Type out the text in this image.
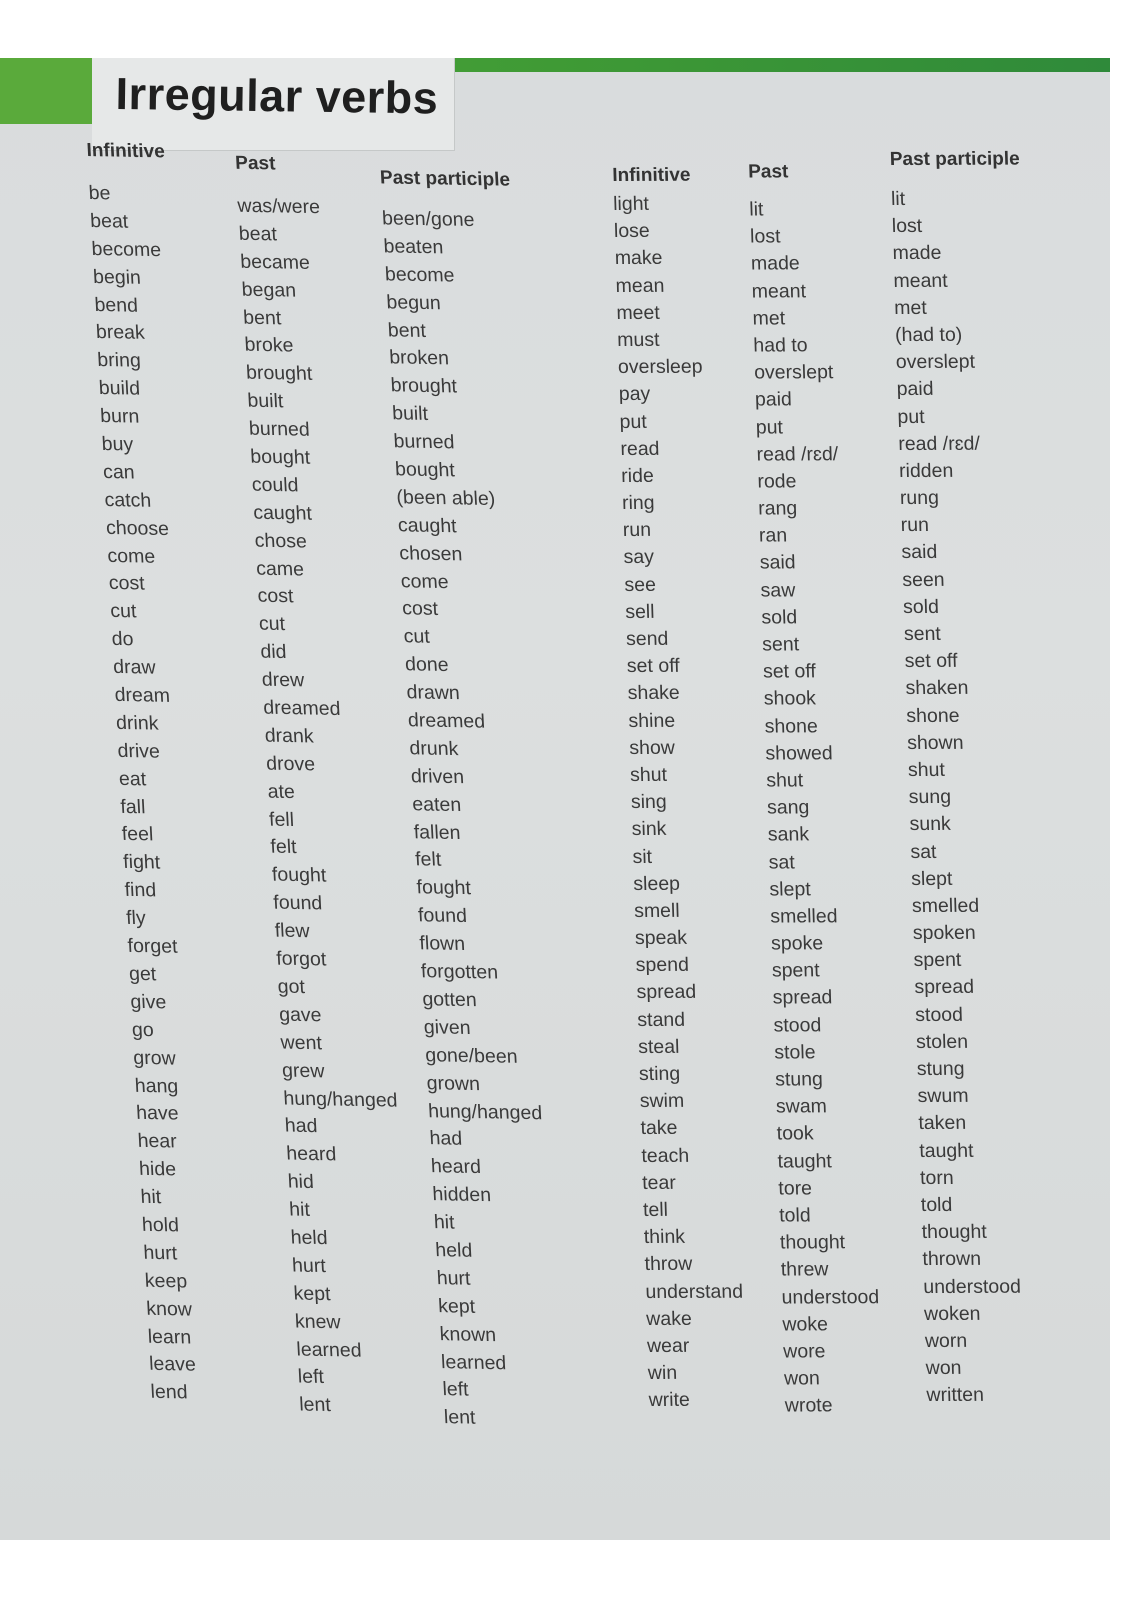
Irregular verbs
Infinitive
be
beat
become
begin
bend
break
bring
build
burn
buy
can
catch
choose
come
cost
cut
do
draw
dream
drink
drive
eat
fall
feel
fight
find
fly
forget
get
give
go
grow
hang
have
hear
hide
hit
hold
hurt
keep
know
learn
leave
lend
Past
was/were
beat
became
began
bent
broke
brought
built
burned
bought
could
caught
chose
came
cost
cut
did
drew
dreamed
drank
drove
ate
fell
felt
fought
found
flew
forgot
got
gave
went
grew
hung/hanged
had
heard
hid
hit
held
hurt
kept
knew
learned
left
lent
Past participle
been/gone
beaten
become
begun
bent
broken
brought
built
burned
bought
(been able)
caught
chosen
come
cost
cut
done
drawn
dreamed
drunk
driven
eaten
fallen
felt
fought
found
flown
forgotten
gotten
given
gone/been
grown
hung/hanged
had
heard
hidden
hit
held
hurt
kept
known
learned
left
lent
Infinitive
light
lose
make
mean
meet
must
oversleep
pay
put
read
ride
ring
run
say
see
sell
send
set off
shake
shine
show
shut
sing
sink
sit
sleep
smell
speak
spend
spread
stand
steal
sting
swim
take
teach
tear
tell
think
throw
understand
wake
wear
win
write
Past
lit
lost
made
meant
met
had to
overslept
paid
put
read /rɛd/
rode
rang
ran
said
saw
sold
sent
set off
shook
shone
showed
shut
sang
sank
sat
slept
smelled
spoke
spent
spread
stood
stole
stung
swam
took
taught
tore
told
thought
threw
understood
woke
wore
won
wrote
Past participle
lit
lost
made
meant
met
(had to)
overslept
paid
put
read /rɛd/
ridden
rung
run
said
seen
sold
sent
set off
shaken
shone
shown
shut
sung
sunk
sat
slept
smelled
spoken
spent
spread
stood
stolen
stung
swum
taken
taught
torn
told
thought
thrown
understood
woken
worn
won
written
